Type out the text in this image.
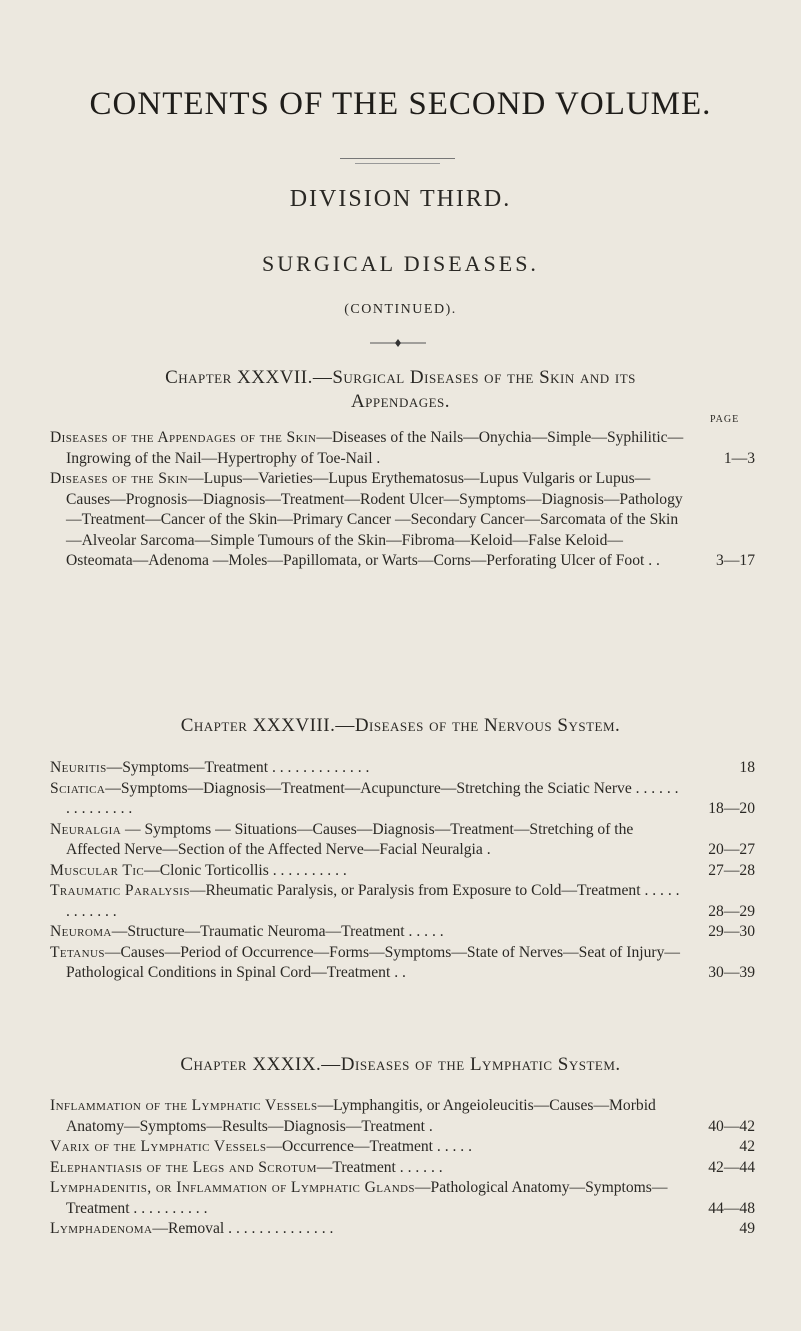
CONTENTS OF THE SECOND VOLUME.
DIVISION THIRD.
SURGICAL DISEASES.
(CONTINUED).
Chapter XXXVII.—Surgical Diseases of the Skin and its
Appendages.
PAGE
Diseases of the Appendages of the Skin—Diseases of the Nails—Onychia—Simple—Syphilitic—Ingrowing of the Nail—Hypertrophy of Toe-Nail .	1—3
Diseases of the Skin—Lupus—Varieties—Lupus Erythematosus—Lupus Vulgaris or Lupus—Causes—Prognosis—Diagnosis—Treatment—Rodent Ulcer—Symptoms—Diagnosis—Pathology—Treatment—Cancer of the Skin—Primary Cancer —Secondary Cancer—Sarcomata of the Skin—Alveolar Sarcoma—Simple Tumours of the Skin—Fibroma—Keloid—False Keloid—Osteomata—Adenoma —Moles—Papillomata, or Warts—Corns—Perforating Ulcer of Foot . .	3—17
Chapter XXXVIII.—Diseases of the Nervous System.
Neuritis—Symptoms—Treatment . . . . . . . . . . . . .	18
Sciatica—Symptoms—Diagnosis—Treatment—Acupuncture—Stretching the Sciatic Nerve . . . . . . . . . . . . . . .	18—20
Neuralgia — Symptoms — Situations—Causes—Diagnosis—Treatment—Stretching of the Affected Nerve—Section of the Affected Nerve—Facial Neuralgia .	20—27
Muscular Tic—Clonic Torticollis . . . . . . . . . .	27—28
Traumatic Paralysis—Rheumatic Paralysis, or Paralysis from Exposure to Cold—Treatment . . . . . . . . . . . .	28—29
Neuroma—Structure—Traumatic Neuroma—Treatment . . . . .	29—30
Tetanus—Causes—Period of Occurrence—Forms—Symptoms—State of Nerves—Seat of Injury—Pathological Conditions in Spinal Cord—Treatment . .	30—39
Chapter XXXIX.—Diseases of the Lymphatic System.
Inflammation of the Lymphatic Vessels—Lymphangitis, or Angeioleucitis—Causes—Morbid Anatomy—Symptoms—Results—Diagnosis—Treatment .	40—42
Varix of the Lymphatic Vessels—Occurrence—Treatment . . . . .	42
Elephantiasis of the Legs and Scrotum—Treatment . . . . . .	42—44
Lymphadenitis, or Inflammation of Lymphatic Glands—Pathological Anatomy—Symptoms—Treatment . . . . . . . . . .	44—48
Lymphadenoma—Removal . . . . . . . . . . . . . .	49
